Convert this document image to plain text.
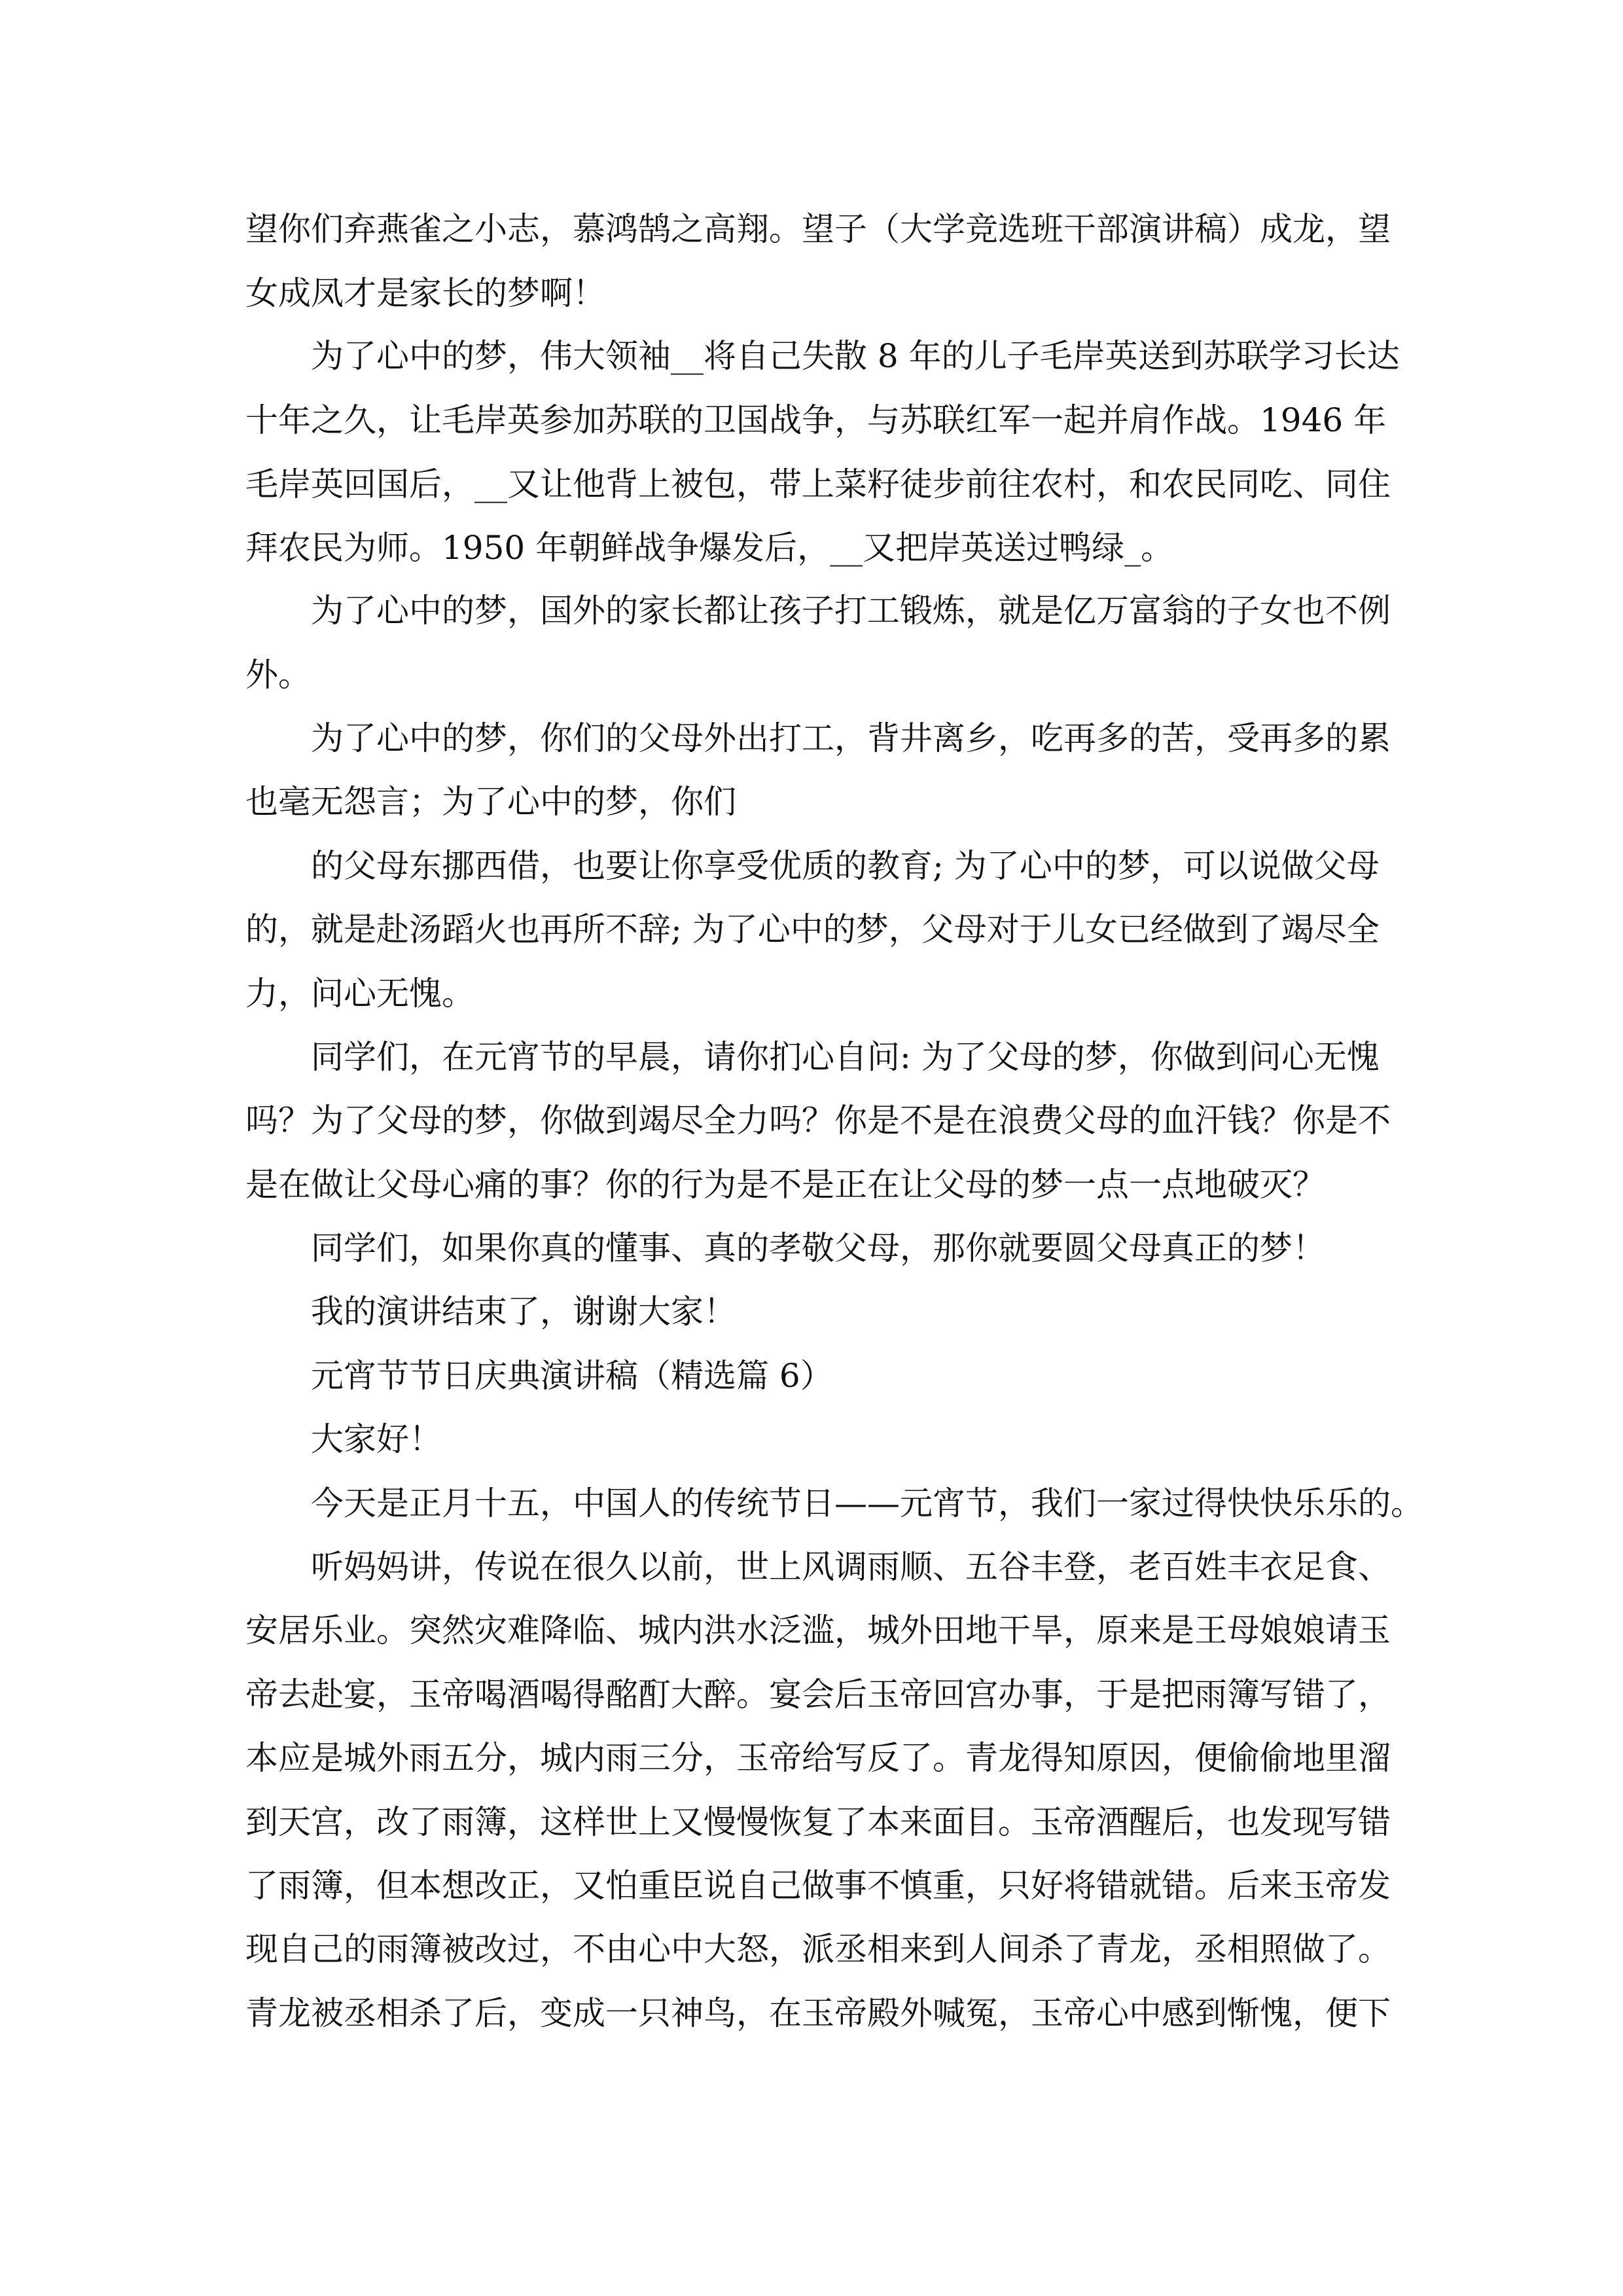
望你们弃燕雀之小志，慕鸿鹄之高翔。望子（大学竞选班干部演讲稿）成龙，望
女成凤才是家长的梦啊！
为了心中的梦，伟大领袖__将自己失散 8 年的儿子毛岸英送到苏联学习长达
十年之久，让毛岸英参加苏联的卫国战争，与苏联红军一起并肩作战。1946 年
毛岸英回国后，__又让他背上被包，带上菜籽徒步前往农村，和农民同吃、同住
拜农民为师。1950 年朝鲜战争爆发后，__又把岸英送过鸭绿_。
为了心中的梦，国外的家长都让孩子打工锻炼，就是亿万富翁的子女也不例
外。
为了心中的梦，你们的父母外出打工，背井离乡，吃再多的苦，受再多的累
也毫无怨言；为了心中的梦，你们
的父母东挪西借，也要让你享受优质的教育; 为了心中的梦，可以说做父母
的，就是赴汤蹈火也再所不辞; 为了心中的梦，父母对于儿女已经做到了竭尽全
力，问心无愧。
同学们，在元宵节的早晨，请你扪心自问: 为了父母的梦，你做到问心无愧
吗？为了父母的梦，你做到竭尽全力吗？你是不是在浪费父母的血汗钱？你是不
是在做让父母心痛的事？你的行为是不是正在让父母的梦一点一点地破灭？
同学们，如果你真的懂事、真的孝敬父母，那你就要圆父母真正的梦！
我的演讲结束了，谢谢大家！
元宵节节日庆典演讲稿（精选篇 6）
大家好！
今天是正月十五，中国人的传统节日——元宵节，我们一家过得快快乐乐的。
听妈妈讲，传说在很久以前，世上风调雨顺、五谷丰登，老百姓丰衣足食、
安居乐业。突然灾难降临、城内洪水泛滥，城外田地干旱，原来是王母娘娘请玉
帝去赴宴，玉帝喝酒喝得酩酊大醉。宴会后玉帝回宫办事，于是把雨簿写错了，
本应是城外雨五分，城内雨三分，玉帝给写反了。青龙得知原因，便偷偷地里溜
到天宫，改了雨簿，这样世上又慢慢恢复了本来面目。玉帝酒醒后，也发现写错
了雨簿，但本想改正，又怕重臣说自己做事不慎重，只好将错就错。后来玉帝发
现自己的雨簿被改过，不由心中大怒，派丞相来到人间杀了青龙，丞相照做了。
青龙被丞相杀了后，变成一只神鸟，在玉帝殿外喊冤，玉帝心中感到惭愧，便下
